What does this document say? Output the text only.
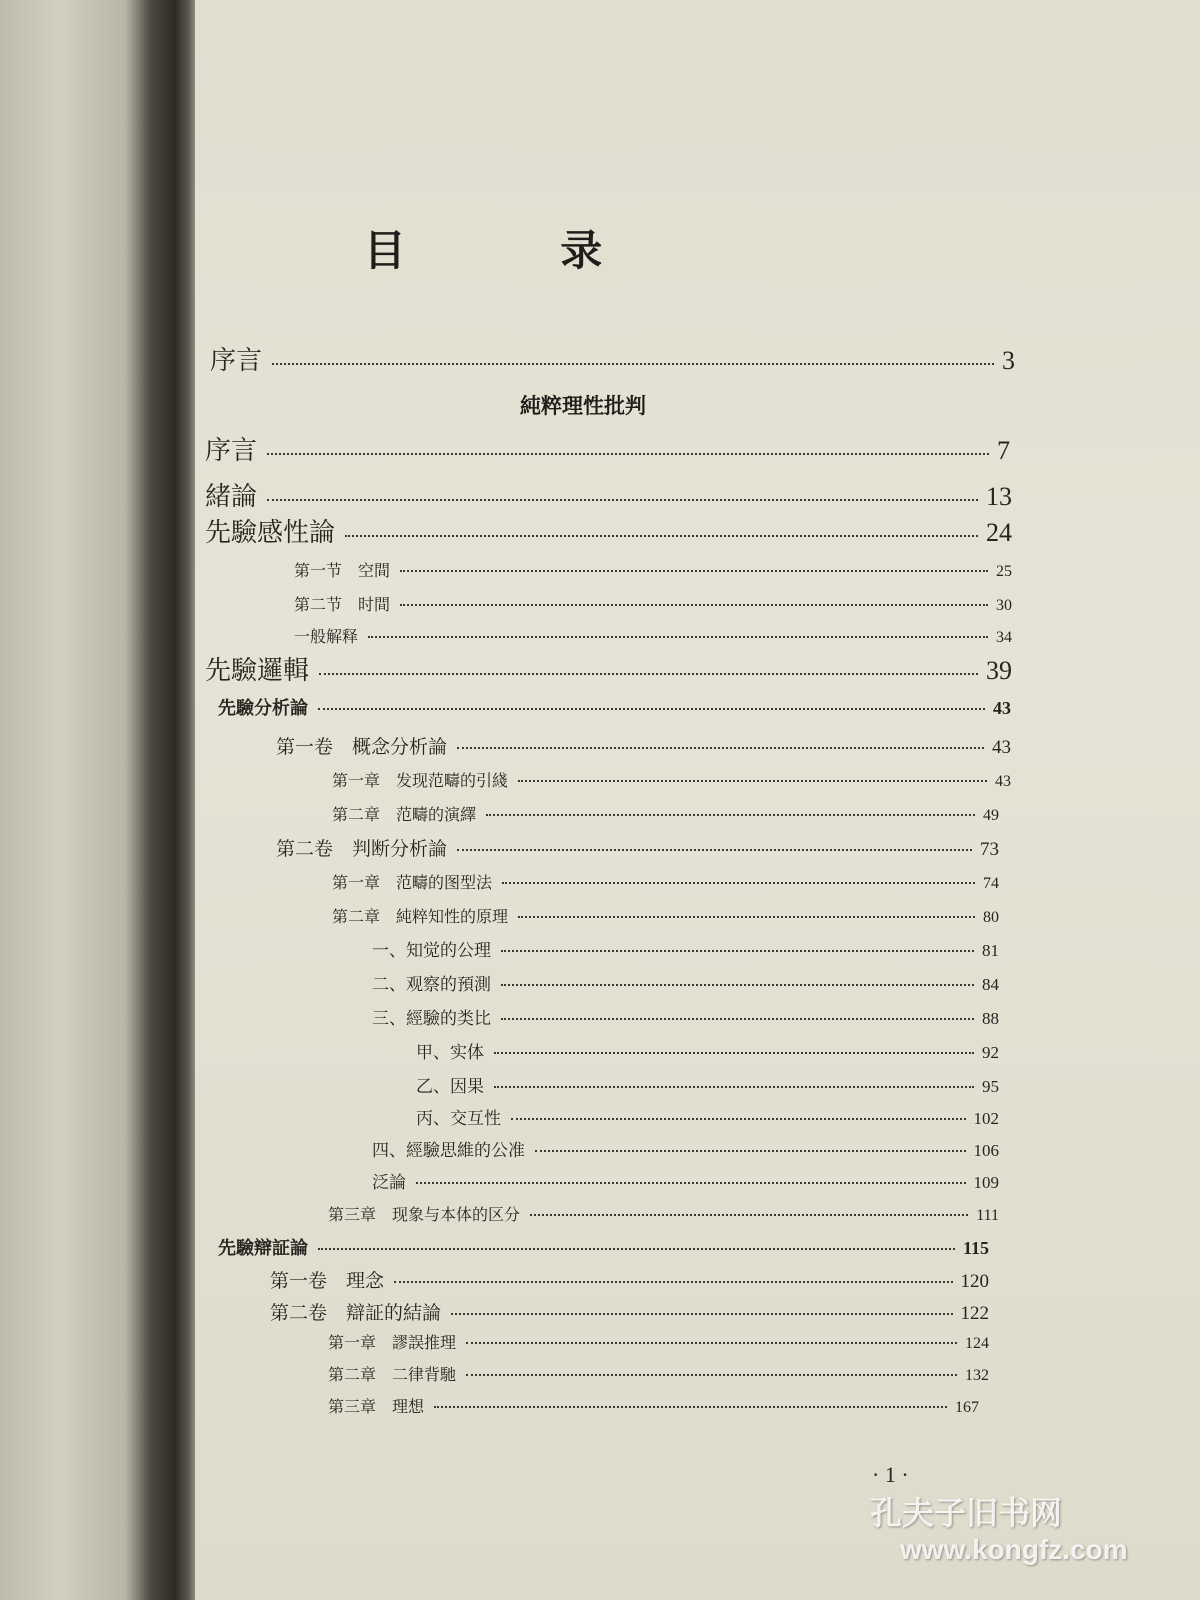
目 录
序言	3
純粹理性批判
序言	7
緒論	13
先驗感性論	24
第一节　空間	25
第二节　时間	30
一般解释	34
先驗邏輯	39
先驗分析論	43
第一卷　概念分析論	43
第一章　发现范疇的引綫	43
第二章　范疇的演繹	49
第二卷　判断分析論	73
第一章　范疇的图型法	74
第二章　純粹知性的原理	80
一、知觉的公理	81
二、观察的預測	84
三、經驗的类比	88
甲、实体	92
乙、因果	95
丙、交互性	102
四、經驗思維的公准	106
泛論	109
第三章　现象与本体的区分	111
先驗辯証論	115
第一卷　理念	120
第二卷　辯証的結論	122
第一章　謬誤推理	124
第二章　二律背馳	132
第三章　理想	167
· 1 ·
孔夫子旧书网
www.kongfz.com
